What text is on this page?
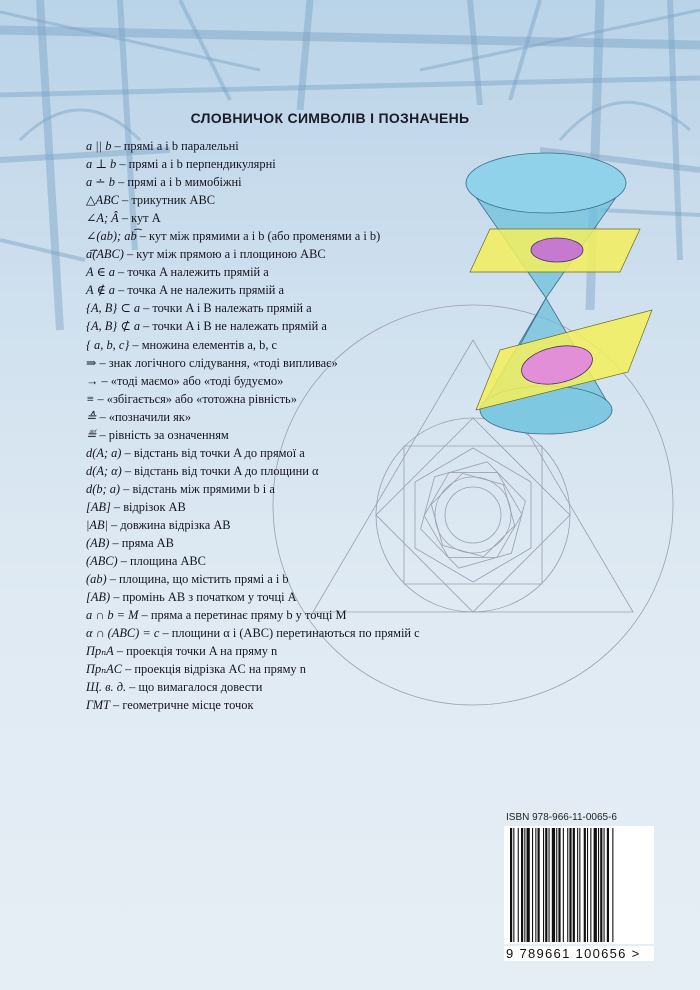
СЛОВНИЧОК СИМВОЛІВ І ПОЗНАЧЕНЬ
a || b – прямі a і b паралельні
a ⊥ b – прямі a і b перпендикулярні
a ∸ b – прямі a і b мимобіжні
△ABC – трикутник ABC
∠A; Â – кут A
∠(ab); ab͡ – кут між прямими a і b (або променями a і b)
a͡(ABC) – кут між прямою a і площиною ABC
A ∈ a – точка A належить прямій a
A ∉ a – точка A не належить прямій a
{A, B} ⊂ a – точки A і B належать прямій a
{A, B} ⊄ a – точки A і B не належать прямій a
{ a, b, c} – множина елементів a, b, c
⇒ – знак логічного слідування, «тоді випливає»
→ – «тоді маємо» або «тоді будуємо»
≡ – «збігається» або «тотожна рівність»
≙ – «позначили як»
≝ – рівність за означенням
d(A; a) – відстань від точки A до прямої a
d(A; α) – відстань від точки A до площини α
d(b; a) – відстань між прямими b і a
[AB] – відрізок AB
|AB| – довжина відрізка AB
(AB) – пряма AB
(ABC) – площина ABC
(ab) – площина, що містить прямі a і b
[AB) – промінь AB з початком у точці A
a ∩ b = M – пряма a перетинає пряму b у точці M
α ∩ (ABC) = c – площини α і (ABC) перетинаються по прямій c
ПрₙA – проекція точки A на пряму n
ПрₙAC – проекція відрізка AC на пряму n
Щ. в. д. – що вимагалося довести
ГМТ – геометричне місце точок
ISBN 978-966-11-0065-6
9 789661 100656 >
